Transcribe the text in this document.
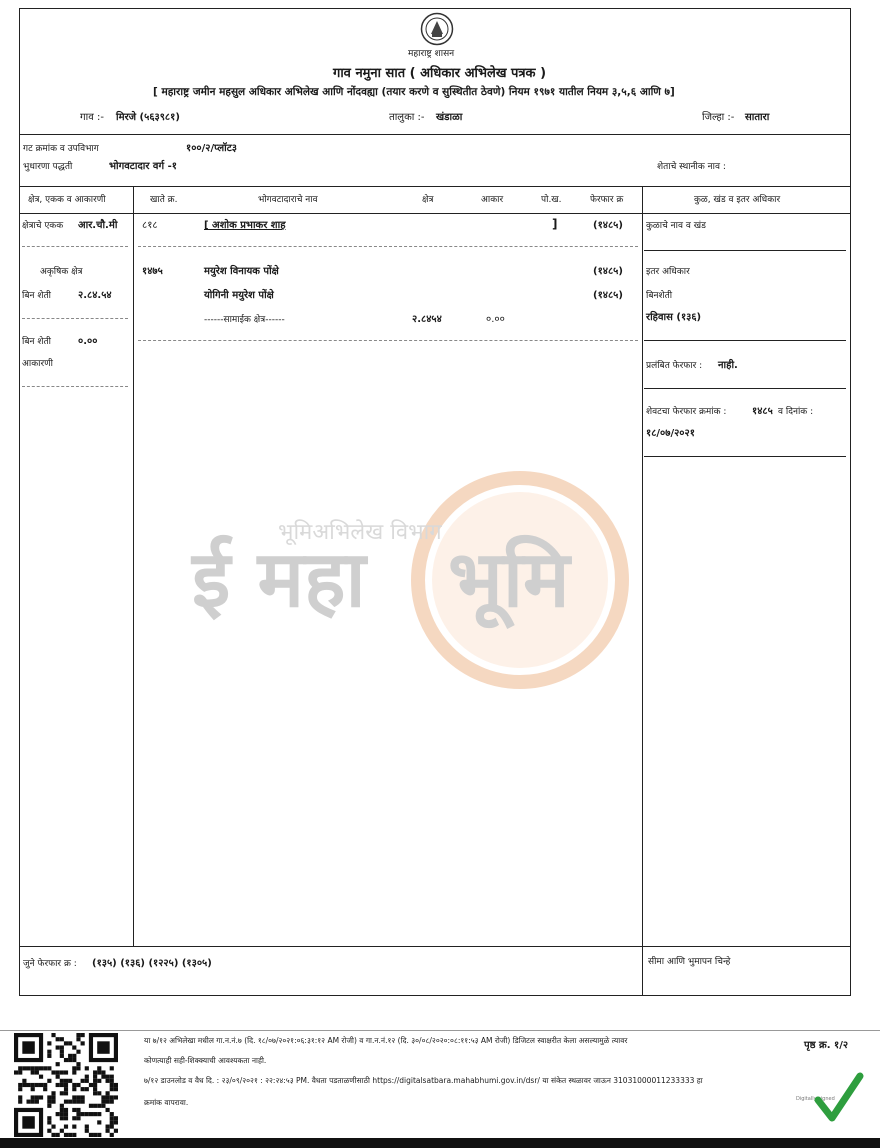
भूमिअभिलेख विभाग
ई महा भूमि
महाराष्ट्र शासन
गाव नमुना सात ( अधिकार अभिलेख पत्रक )
[ महाराष्ट्र जमीन महसुल अधिकार अभिलेख आणि नोंदवह्या (तयार करणे व सुस्थितीत ठेवणे) नियम १९७१ यातील नियम ३,५,६ आणि ७]
गाव :- मिरजे (५६३९८१)	तालुका :- खंडाळा	जिल्हा :- सातारा
गट क्रमांक व उपविभाग	१००/२/प्लॉट३
भुधारणा पद्धती	भोगवटादार वर्ग -१	शेताचे स्थानीक नाव :
क्षेत्र, एकक व आकारणी	खाते क्र.	भोगवटादाराचे नाव	क्षेत्र	आकार	पो.ख.	फेरफार क्र	कुळ, खंड व इतर अधिकार
क्षेत्राचे एकक आर.चौ.मी
अकृषिक क्षेत्र
बिन शेती	२.८४.५४
बिन शेती	०.००
आकारणी
८१८	[ अशोक प्रभाकर शाह	]	(१४८५)
१४७५	मयुरेश विनायक पोंक्षे	(१४८५)
योगिनी मयुरेश पोंक्षे	(१४८५)
------सामाईक क्षेत्र------	२.८४५४	०.००
कुळाचे नाव व खंड
इतर अधिकार
बिनशेती
रहिवास (१३६)
प्रलंबित फेरफार : नाही.
शेवटचा फेरफार क्रमांक :	१४८५ व दिनांक :
१८/०७/२०२१
जुने फेरफार क्र : (१३५) (१३६) (१२२५) (१३०५)	सीमा आणि भुमापन चिन्हे
या ७/१२ अभिलेखा मधील गा.न.नं.७ (दि. १८/०७/२०२१:०६:३१:१२ AM रोजी) व गा.न.नं.१२ (दि. ३०/०८/२०२०:०८:११:५३ AM रोजी) डिजिटल स्वाक्षरीत केला असल्यामुळे त्यावर
कोणत्याही सही-शिक्क्याची आवश्यकता नाही.
७/१२ डाउनलोड व वैध दि. : २३/०९/२०२१ : २२:२४:५३ PM. वैधता पडताळणीसाठी https://digitalsatbara.mahabhumi.gov.in/dsr/ या संकेत स्थळावर जाऊन 31031000011233333 हा
क्रमांक वापरावा.
पृष्ठ क्र. १/२
Digitally signed
